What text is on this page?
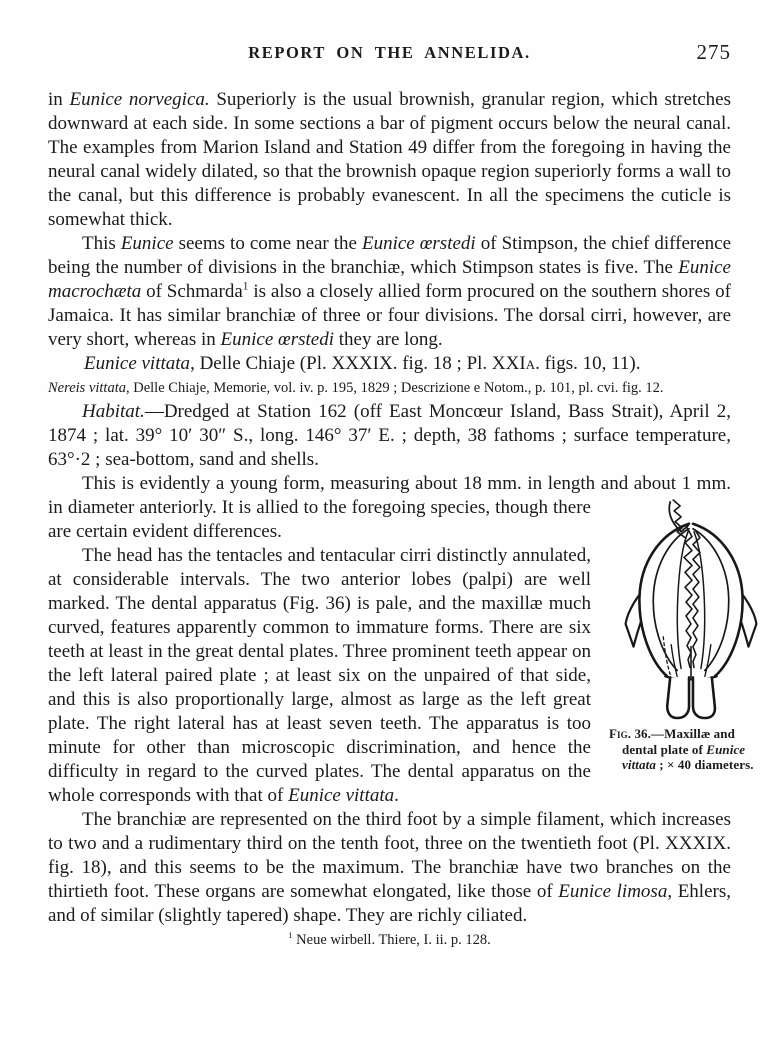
REPORT ON THE ANNELIDA.	275

in Eunice norvegica. Superiorly is the usual brownish, granular region, which stretches downward at each side. In some sections a bar of pigment occurs below the neural canal. The examples from Marion Island and Station 49 differ from the foregoing in having the neural canal widely dilated, so that the brownish opaque region superiorly forms a wall to the canal, but this difference is probably evanescent. In all the specimens the cuticle is somewhat thick.

This Eunice seems to come near the Eunice œrstedi of Stimpson, the chief difference being the number of divisions in the branchiæ, which Stimpson states is five. The Eunice macrochæta of Schmarda$^1$ is also a closely allied form procured on the southern shores of Jamaica. It has similar branchiæ of three or four divisions. The dorsal cirri, however, are very short, whereas in Eunice œrstedi they are long.

Eunice vittata, Delle Chiaje (Pl. XXXIX. fig. 18 ; Pl. XXIa. figs. 10, 11).

Nereis vittata, Delle Chiaje, Memorie, vol. iv. p. 195, 1829 ; Descrizione e Notom., p. 101, pl. cvi. fig. 12.

Habitat.—Dredged at Station 162 (off East Moncœur Island, Bass Strait), April 2, 1874 ; lat. 39° 10′ 30″ S., long. 146° 37′ E. ; depth, 38 fathoms ; surface temperature, 63°·2 ; sea-bottom, sand and shells.

Fig. 36.—Maxillæ and dental plate of Eunice vittata ; × 40 diameters.
This is evidently a young form, measuring about 18 mm. in length and about 1 mm. in diameter anteriorly. It is allied to the foregoing species, though there are certain evident differences.

The head has the tentacles and tentacular cirri distinctly annulated, at considerable intervals. The two anterior lobes (palpi) are well marked. The dental apparatus (Fig. 36) is pale, and the maxillæ much curved, features apparently common to immature forms. There are six teeth at least in the great dental plates. Three prominent teeth appear on the left lateral paired plate ; at least six on the unpaired of that side, and this is also proportionally large, almost as large as the left great plate. The right lateral has at least seven teeth. The apparatus is too minute for other than microscopic discrimination, and hence the difficulty in regard to the curved plates. The dental apparatus on the whole corresponds with that of Eunice vittata.

The branchiæ are represented on the third foot by a simple filament, which increases to two and a rudimentary third on the tenth foot, three on the twentieth foot (Pl. XXXIX. fig. 18), and this seems to be the maximum. The branchiæ have two branches on the thirtieth foot. These organs are somewhat elongated, like those of Eunice limosa, Ehlers, and of similar (slightly tapered) shape. They are richly ciliated.

$^1$ Neue wirbell. Thiere, I. ii. p. 128.
